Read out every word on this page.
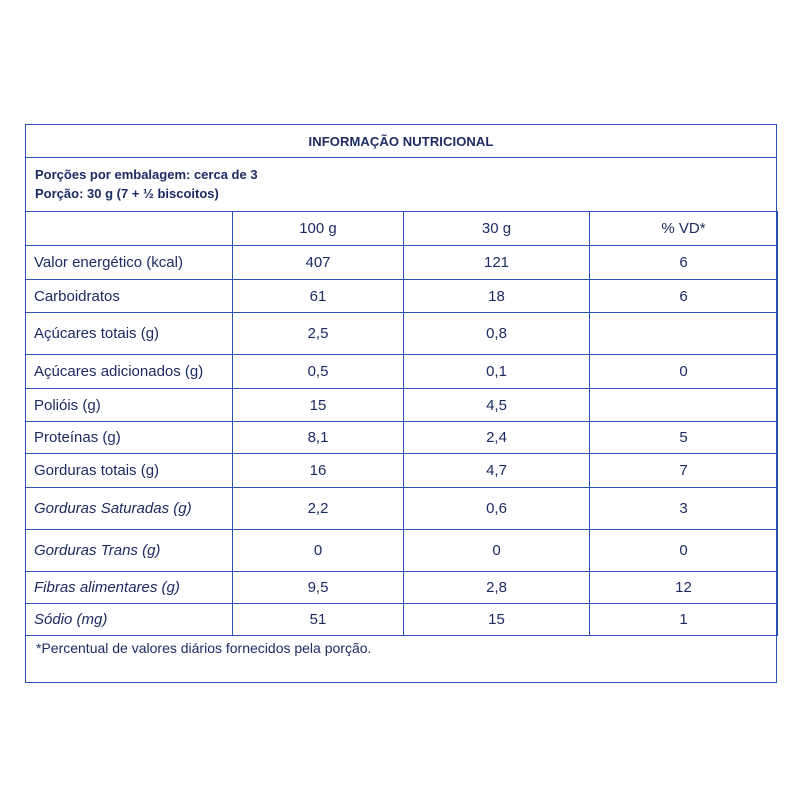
INFORMAÇÃO NUTRICIONAL
Porções por embalagem: cerca de 3
Porção: 30 g (7 + ½ biscoitos)
	100 g	30 g	% VD*
Valor energético (kcal)	407	121	6
Carboidratos	61	18	6
Açúcares totais (g)	2,5	0,8	
Açúcares adicionados (g)	0,5	0,1	0
Polióis (g)	15	4,5	
Proteínas (g)	8,1	2,4	5
Gorduras totais (g)	16	4,7	7
Gorduras Saturadas (g)	2,2	0,6	3
Gorduras Trans (g)	0	0	0
Fibras alimentares (g)	9,5	2,8	12
Sódio (mg)	51	15	1
*Percentual de valores diários fornecidos pela porção.
